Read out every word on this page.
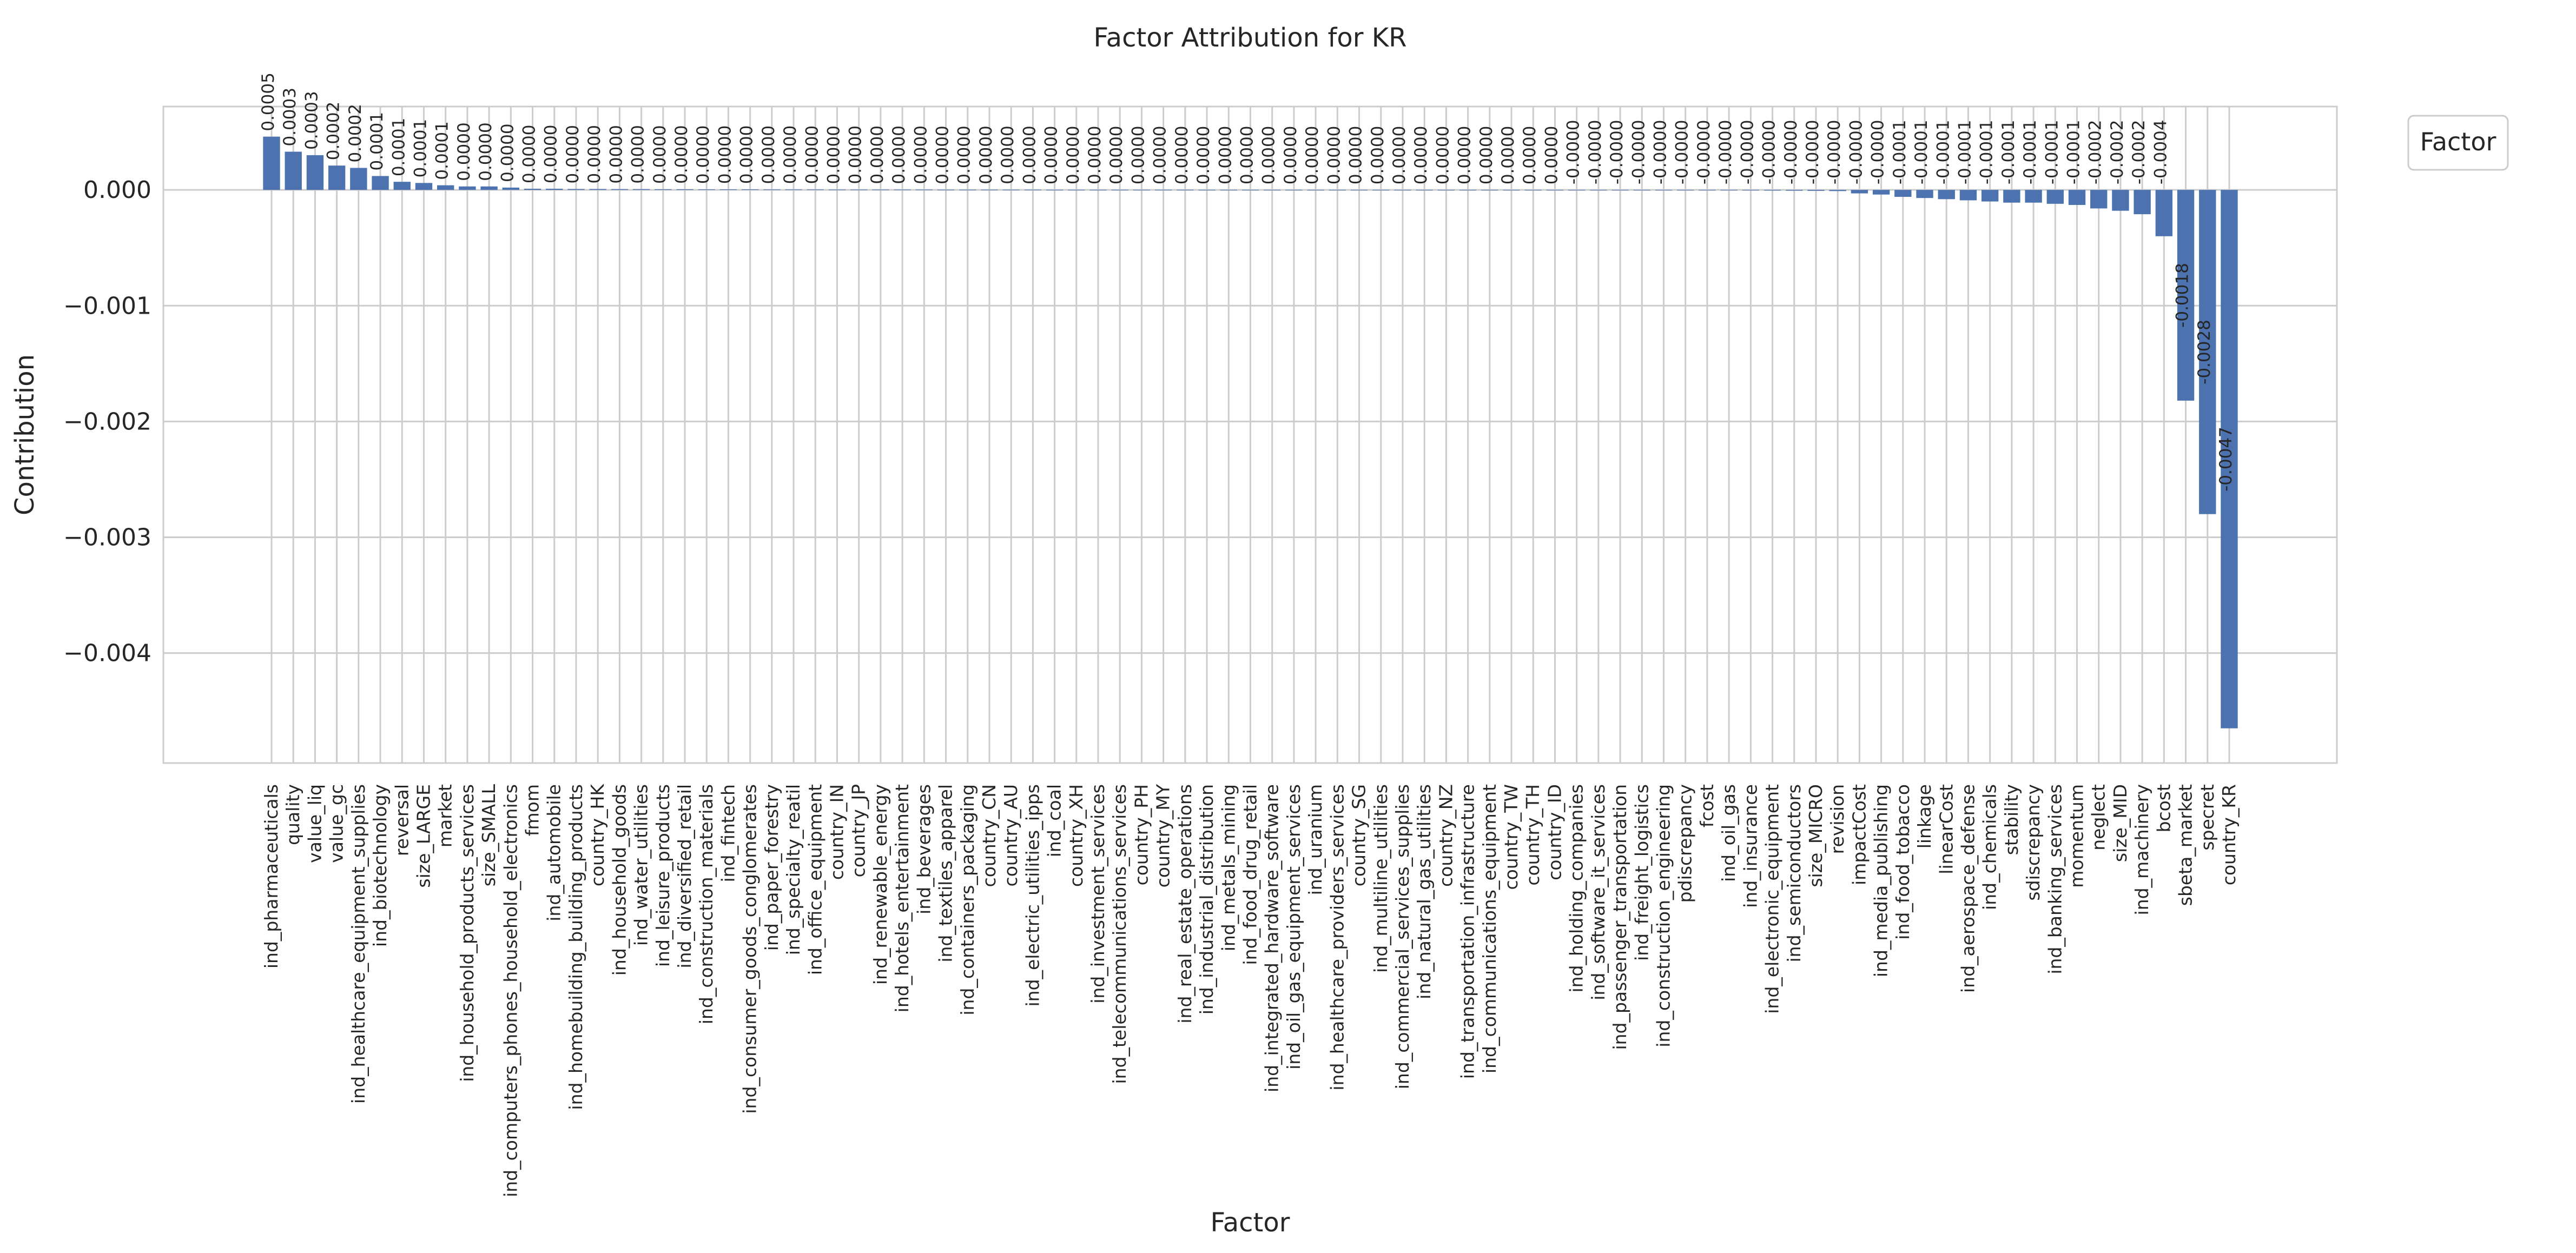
0.000
−0.001
−0.002
−0.003
−0.004
0.0005 0.0003 0.0003 0.0002 0.0002 0.0001 0.0001 0.0001 0.0001 0.0000 0.0000 0.0000 0.0000 0.0000 0.0000 0.0000 0.0000 0.0000 0.0000 0.0000 0.0000 0.0000 0.0000 0.0000 0.0000 0.0000 0.0000 0.0000 0.0000 0.0000 0.0000 0.0000 0.0000 0.0000 0.0000 0.0000 0.0000 0.0000 0.0000 0.0000 0.0000 0.0000 0.0000 0.0000 0.0000 0.0000 0.0000 0.0000 0.0000 0.0000 0.0000 0.0000 0.0000 0.0000 0.0000 0.0000 0.0000 0.0000 0.0000 0.0000 -0.0000 -0.0000 -0.0000 -0.0000 -0.0000 -0.0000 -0.0000 -0.0000 -0.0000 -0.0000 -0.0000 -0.0000 -0.0000 -0.0000 -0.0000 -0.0001 -0.0001 -0.0001 -0.0001 -0.0001 -0.0001 -0.0001 -0.0001 -0.0001 -0.0002 -0.0002 -0.0002 -0.0004
-0.0018
-0.0028
-0.0047
ind_pharmaceuticals quality value_liq value_gc ind_healthcare_equipment_supplies ind_biotechnology reversal size_LARGE market ind_household_products_services size_SMALL ind_computers_phones_household_electronics fmom ind_automobile ind_homebuilding_building_products country_HK ind_household_goods ind_water_utilities ind_leisure_products ind_diversified_retail ind_construction_materials ind_fintech ind_consumer_goods_conglomerates ind_paper_forestry ind_specialty_reatil ind_office_equipment country_IN country_JP ind_renewable_energy ind_hotels_entertainment ind_beverages ind_textiles_apparel ind_containers_packaging country_CN country_AU ind_electric_utilities_ipps ind_coal country_XH ind_investment_services ind_telecommunications_services country_PH country_MY ind_real_estate_operations ind_industrial_distribution ind_metals_mining ind_food_drug_retail ind_integrated_hardware_software ind_oil_gas_equipment_services ind_uranium ind_healthcare_providers_services country_SG ind_multiline_utilities ind_commercial_services_supplies ind_natural_gas_utilities country_NZ ind_transportation_infrastructure ind_communications_equipment country_TW country_TH country_ID ind_holding_companies ind_software_it_services ind_passenger_transportation ind_freight_logistics ind_construction_engineering pdiscrepancy fcost ind_oil_gas ind_insurance ind_electronic_equipment ind_semiconductors size_MICRO revision impactCost ind_media_publishing ind_food_tobacco linkage linearCost ind_aerospace_defense ind_chemicals stability sdiscrepancy ind_banking_services momentum neglect size_MID ind_machinery bcost sbeta_market specret country_KR
Factor Attribution for KR
Factor
Contribution
Factor
